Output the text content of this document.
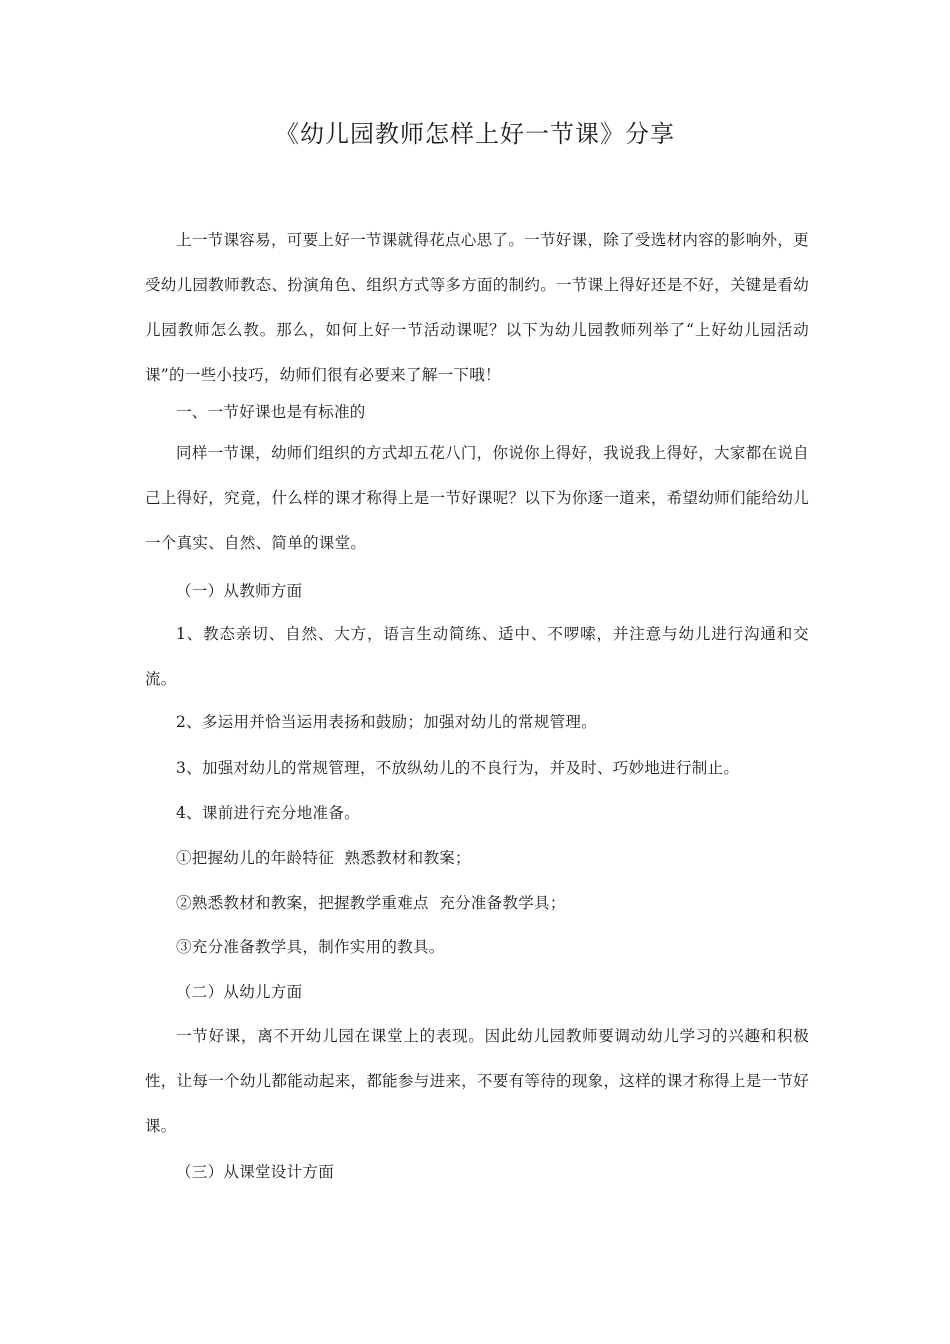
《幼儿园教师怎样上好一节课》分享
上一节课容易，可要上好一节课就得花点心思了。一节好课，除了受选材内容的影响外，更受幼儿园教师教态、扮演角色、组织方式等多方面的制约。一节课上得好还是不好，关键是看幼儿园教师怎么教。那么，如何上好一节活动课呢？以下为幼儿园教师列举了“上好幼儿园活动课”的一些小技巧，幼师们很有必要来了解一下哦！
一、一节好课也是有标准的
同样一节课，幼师们组织的方式却五花八门，你说你上得好，我说我上得好，大家都在说自己上得好，究竟，什么样的课才称得上是一节好课呢？以下为你逐一道来，希望幼师们能给幼儿一个真实、自然、简单的课堂。
（一）从教师方面
1、教态亲切、自然、大方，语言生动简练、适中、不啰嗦，并注意与幼儿进行沟通和交流。
2、多运用并恰当运用表扬和鼓励；加强对幼儿的常规管理。
3、加强对幼儿的常规管理，不放纵幼儿的不良行为，并及时、巧妙地进行制止。
4、课前进行充分地准备。
①把握幼儿的年龄特征  熟悉教材和教案；
②熟悉教材和教案，把握教学重难点  充分准备教学具；
③充分准备教学具，制作实用的教具。
（二）从幼儿方面
一节好课，离不开幼儿园在课堂上的表现。因此幼儿园教师要调动幼儿学习的兴趣和积极性，让每一个幼儿都能动起来，都能参与进来，不要有等待的现象，这样的课才称得上是一节好课。
（三）从课堂设计方面
